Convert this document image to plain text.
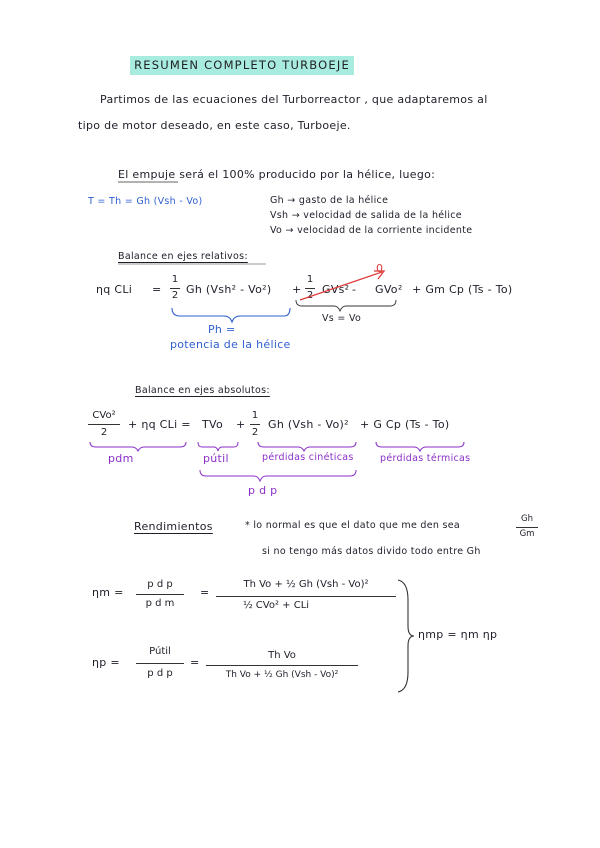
RESUMEN COMPLETO TURBOEJE
Partimos de las ecuaciones del Turborreactor , que adaptaremos al
tipo de motor deseado, en este caso, Turboeje.
El empuje será el 100% producido por la hélice, luego:
T = Th = Gh (Vsh - Vo)	Gh → gasto de la hélice
Vsh → velocidad de salida de la hélice
Vo → velocidad de la corriente incidente
Balance en ejes relativos:
ηq CLi =
1
2 Gh (Vsh² - Vo²) +
1
2 GVs² - GVo²
0
+ Gm Cp (Ts - To)
Vs = Vo
Ph =
potencia de la hélice
Balance en ejes absolutos:
CVo²
2
+ ηq CLi = TVo +
1
2
Gh (Vsh - Vo)² + G Cp (Ts - To)
pdm	pútil	pérdidas cinéticas	pérdidas térmicas
p d p
Rendimientos	* lo normal es que el dato que me den sea
Gh
Gm
si no tengo más datos divido todo entre Gh
ηm =
p d p
p d m
=
Th Vo + ½ Gh (Vsh - Vo)²
½ CVo² + CLi
ηp =
Pútil
p d p
=
Th Vo
Th Vo + ½ Gh (Vsh - Vo)²
ηmp = ηm ηp
